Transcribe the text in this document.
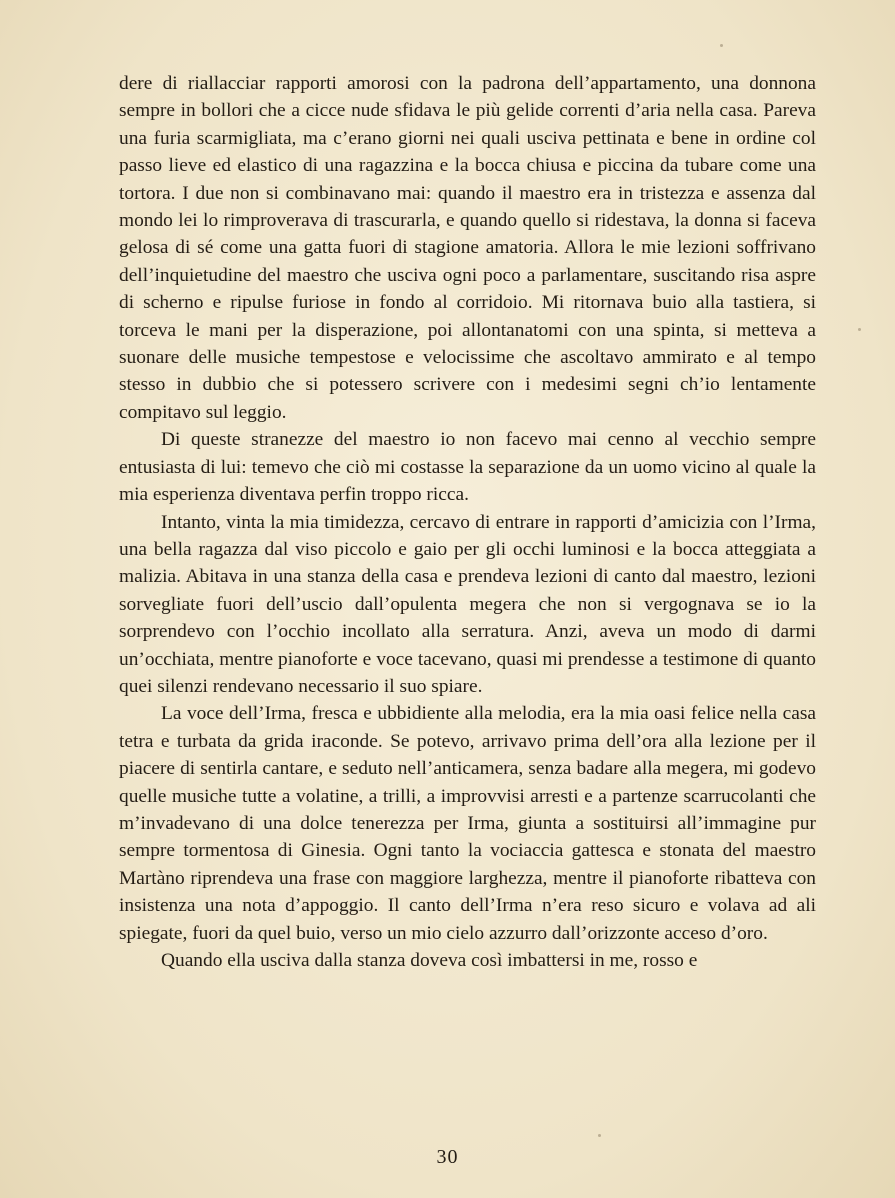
dere di riallacciar rapporti amorosi con la padrona dell’appartamento, una donnona sempre in bollori che a cicce nude sfidava le più gelide correnti d’aria nella casa. Pareva una furia scarmigliata, ma c’erano giorni nei quali usciva pettinata e bene in ordine col passo lieve ed elastico di una ragazzina e la bocca chiusa e piccina da tubare come una tortora. I due non si combinavano mai: quando il maestro era in tristezza e assenza dal mondo lei lo rimproverava di trascurarla, e quando quello si ridestava, la donna si faceva gelosa di sé come una gatta fuori di stagione amatoria. Allora le mie lezioni soffrivano dell’inquietudine del maestro che usciva ogni poco a parlamentare, suscitando risa aspre di scherno e ripulse furiose in fondo al corridoio. Mi ritornava buio alla tastiera, si torceva le mani per la disperazione, poi allontanatomi con una spinta, si metteva a suonare delle musiche tempestose e velocissime che ascoltavo ammirato e al tempo stesso in dubbio che si potessero scrivere con i medesimi segni ch’io lentamente compitavo sul leggio.

Di queste stranezze del maestro io non facevo mai cenno al vecchio sempre entusiasta di lui: temevo che ciò mi costasse la separazione da un uomo vicino al quale la mia esperienza diventava perfin troppo ricca.

Intanto, vinta la mia timidezza, cercavo di entrare in rapporti d’amicizia con l’Irma, una bella ragazza dal viso piccolo e gaio per gli occhi luminosi e la bocca atteggiata a malizia. Abitava in una stanza della casa e prendeva lezioni di canto dal maestro, lezioni sorvegliate fuori dell’uscio dall’opulenta megera che non si vergognava se io la sorprendevo con l’occhio incollato alla serratura. Anzi, aveva un modo di darmi un’occhiata, mentre pianoforte e voce tacevano, quasi mi prendesse a testimone di quanto quei silenzi rendevano necessario il suo spiare.

La voce dell’Irma, fresca e ubbidiente alla melodia, era la mia oasi felice nella casa tetra e turbata da grida iraconde. Se potevo, arrivavo prima dell’ora alla lezione per il piacere di sentirla cantare, e seduto nell’anticamera, senza badare alla megera, mi godevo quelle musiche tutte a volatine, a trilli, a improvvisi arresti e a partenze scarrucolanti che m’invadevano di una dolce tenerezza per Irma, giunta a sostituirsi all’immagine pur sempre tormentosa di Ginesia. Ogni tanto la vociaccia gattesca e stonata del maestro Martàno riprendeva una frase con maggiore larghezza, mentre il pianoforte ribatteva con insistenza una nota d’appoggio. Il canto dell’Irma n’era reso sicuro e volava ad ali spiegate, fuori da quel buio, verso un mio cielo azzurro dall’orizzonte acceso d’oro.

Quando ella usciva dalla stanza doveva così imbattersi in me, rosso e

30
